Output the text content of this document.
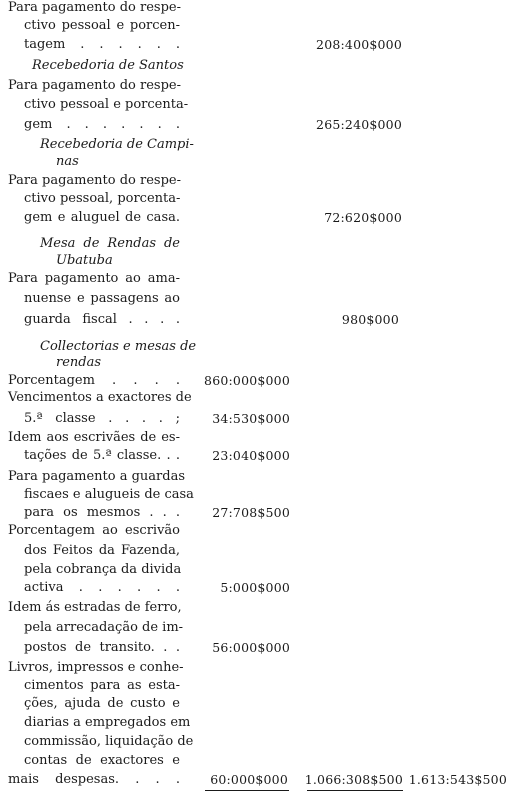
Para pagamento do respe-
ctivo pessoal e porcen-
tagem . . . . . .
Recebedoria de Santos
Para pagamento do respe-
ctivo pessoal e porcenta-
gem . . . . . . .
Recebedoria de Campi-
nas
Para pagamento do respe-
ctivo pessoal, porcenta-
gem e aluguel de casa.
Mesa de Rendas de
Ubatuba
Para pagamento ao ama-
nuense e passagens ao
guarda fiscal . . . .
Collectorias e mesas de
rendas
Porcentagem . . . .
Vencimentos a exactores de
5.ª classe . . . . ;
Idem aos escrivães de es-
tações de 5.ª classe. . .
Para pagamento a guardas
fiscaes e alugueis de casa
para os mesmos . . .
Porcentagem ao escrivão
dos Feitos da Fazenda,
pela cobrança da divida
activa . . . . . .
Idem ás estradas de ferro,
pela arrecadação de im-
postos de transito. . .
Livros, impressos e conhe-
cimentos para as esta-
ções, ajuda de custo e
diarias a empregados em
commissão, liquidação de
contas de exactores e
mais despesas. . . .
208:400$000
265:240$000
72:620$000
980$000
860:000$000
34:530$000
23:040$000
27:708$500
5:000$000
56:000$000
60:000$000 1.066:308$500 1.613:543$500
